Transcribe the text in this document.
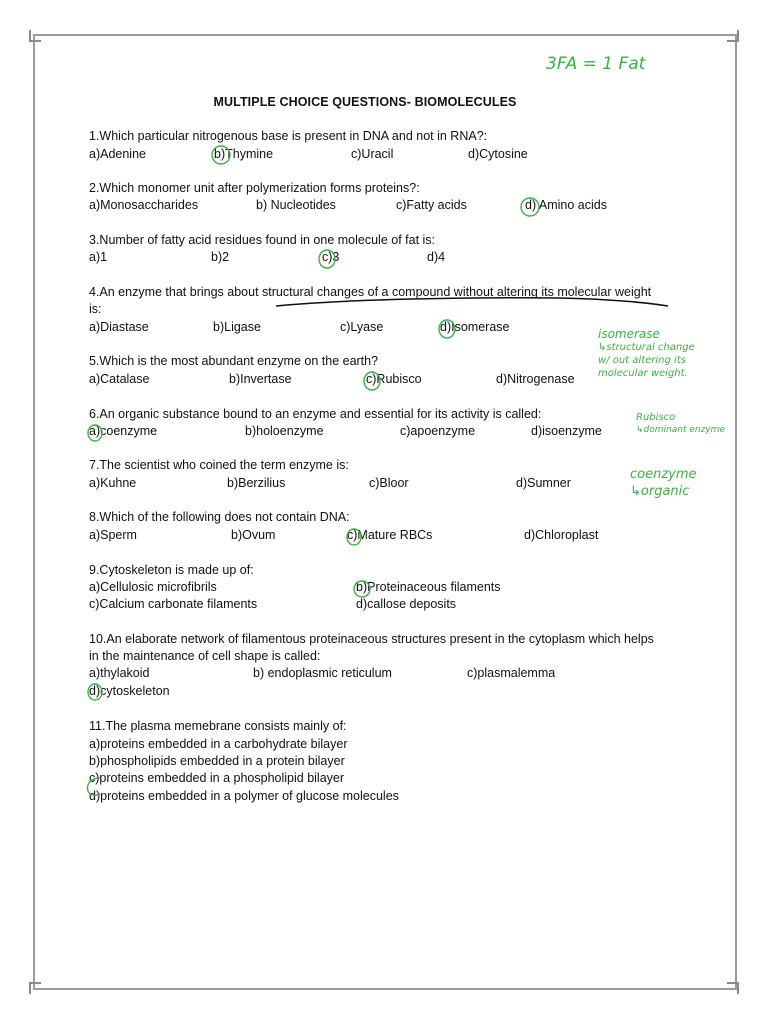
MULTIPLE CHOICE QUESTIONS- BIOMOLECULES
1.Which particular nitrogenous base is present in DNA and not in RNA?:
a)Adenine	b)Thymine	c)Uracil	d)Cytosine
2.Which monomer unit after polymerization forms proteins?:
a)Monosaccharides	b) Nucleotides	c)Fatty acids	d) Amino acids
3.Number of fatty acid residues found in one molecule of fat is:
a)1	b)2	c)3	d)4
4.An enzyme that brings about structural changes of a compound without altering its molecular weight
is:
a)Diastase	b)Ligase	c)Lyase	d)Isomerase
5.Which is the most abundant enzyme on the earth?
a)Catalase	b)Invertase	c)Rubisco	d)Nitrogenase
6.An organic substance bound to an enzyme and essential for its activity is called:
a)coenzyme	b)holoenzyme	c)apoenzyme	d)isoenzyme
7.The scientist who coined the term enzyme is:
a)Kuhne	b)Berzilius	c)Bloor	d)Sumner
8.Which of the following does not contain DNA:
a)Sperm	b)Ovum	c)Mature RBCs	d)Chloroplast
9.Cytoskeleton is made up of:
a)Cellulosic microfibrils	b)Proteinaceous filaments
c)Calcium carbonate filaments	d)callose deposits
10.An elaborate network of filamentous proteinaceous structures present in the cytoplasm which helps
in the maintenance of cell shape is called:
a)thylakoid	b) endoplasmic reticulum	c)plasmalemma
d)cytoskeleton
11.The plasma memebrane consists mainly of:
a)proteins embedded in a carbohydrate bilayer
b)phospholipids embedded in a protein bilayer
c)proteins embedded in a phospholipid bilayer
d)proteins embedded in a polymer of glucose molecules
3FA = 1 Fat
isomerase
↳structural change
w/ out altering its
molecular weight.
Rubisco
↳dominant enzyme
coenzyme
↳organic
